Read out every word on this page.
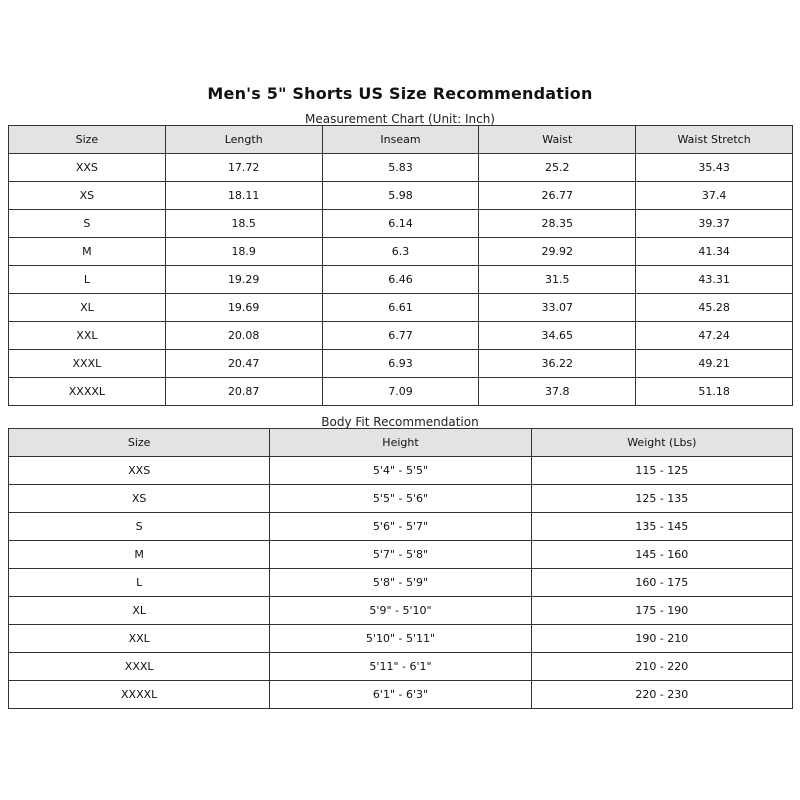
Men's 5" Shorts US Size Recommendation
Measurement Chart (Unit: Inch)
Size	Length	Inseam	Waist	Waist Stretch
XXS	17.72	5.83	25.2	35.43
XS	18.11	5.98	26.77	37.4
S	18.5	6.14	28.35	39.37
M	18.9	6.3	29.92	41.34
L	19.29	6.46	31.5	43.31
XL	19.69	6.61	33.07	45.28
XXL	20.08	6.77	34.65	47.24
XXXL	20.47	6.93	36.22	49.21
XXXXL	20.87	7.09	37.8	51.18
Body Fit Recommendation
Size	Height	Weight (Lbs)
XXS	5'4" - 5'5"	115 - 125
XS	5'5" - 5'6"	125 - 135
S	5'6" - 5'7"	135 - 145
M	5'7" - 5'8"	145 - 160
L	5'8" - 5'9"	160 - 175
XL	5'9" - 5'10"	175 - 190
XXL	5'10" - 5'11"	190 - 210
XXXL	5'11" - 6'1"	210 - 220
XXXXL	6'1" - 6'3"	220 - 230
